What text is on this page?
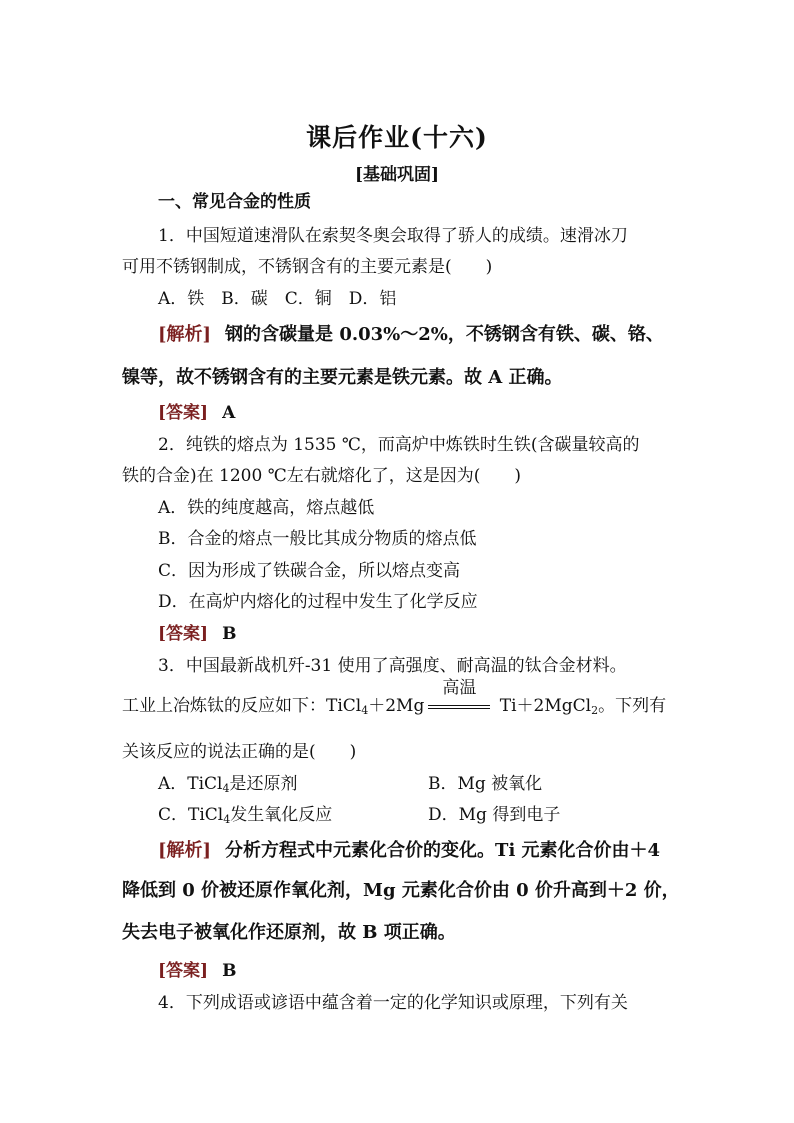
课后作业(十六)
[基础巩固]
一、常见合金的性质
1．中国短道速滑队在索契冬奥会取得了骄人的成绩。速滑冰刀
可用不锈钢制成，不锈钢含有的主要元素是(　　)
A．铁　B．碳　C．铜　D．铝
[解析] 钢的含碳量是 0.03%～2%，不锈钢含有铁、碳、铬、
镍等，故不锈钢含有的主要元素是铁元素。故 A 正确。
[答案] A
2．纯铁的熔点为 1535 ℃，而高炉中炼铁时生铁(含碳量较高的
铁的合金)在 1200 ℃左右就熔化了，这是因为(　　)
A．铁的纯度越高，熔点越低
B．合金的熔点一般比其成分物质的熔点低
C．因为形成了铁碳合金，所以熔点变高
D．在高炉内熔化的过程中发生了化学反应
[答案] B
3．中国最新战机歼-31 使用了高强度、耐高温的钛合金材料。
工业上冶炼钛的反应如下：TiCl$_4$＋2Mg
高温
Ti＋2MgCl$_2$。下列有
关该反应的说法正确的是(　　)
A．TiCl$_4$是还原剂	B．Mg 被氧化
C．TiCl$_4$发生氧化反应	D．Mg 得到电子
[解析] 分析方程式中元素化合价的变化。Ti 元素化合价由＋4
降低到 0 价被还原作氧化剂，Mg 元素化合价由 0 价升高到＋2 价，
失去电子被氧化作还原剂，故 B 项正确。
[答案] B
4．下列成语或谚语中蕴含着一定的化学知识或原理，下列有关
